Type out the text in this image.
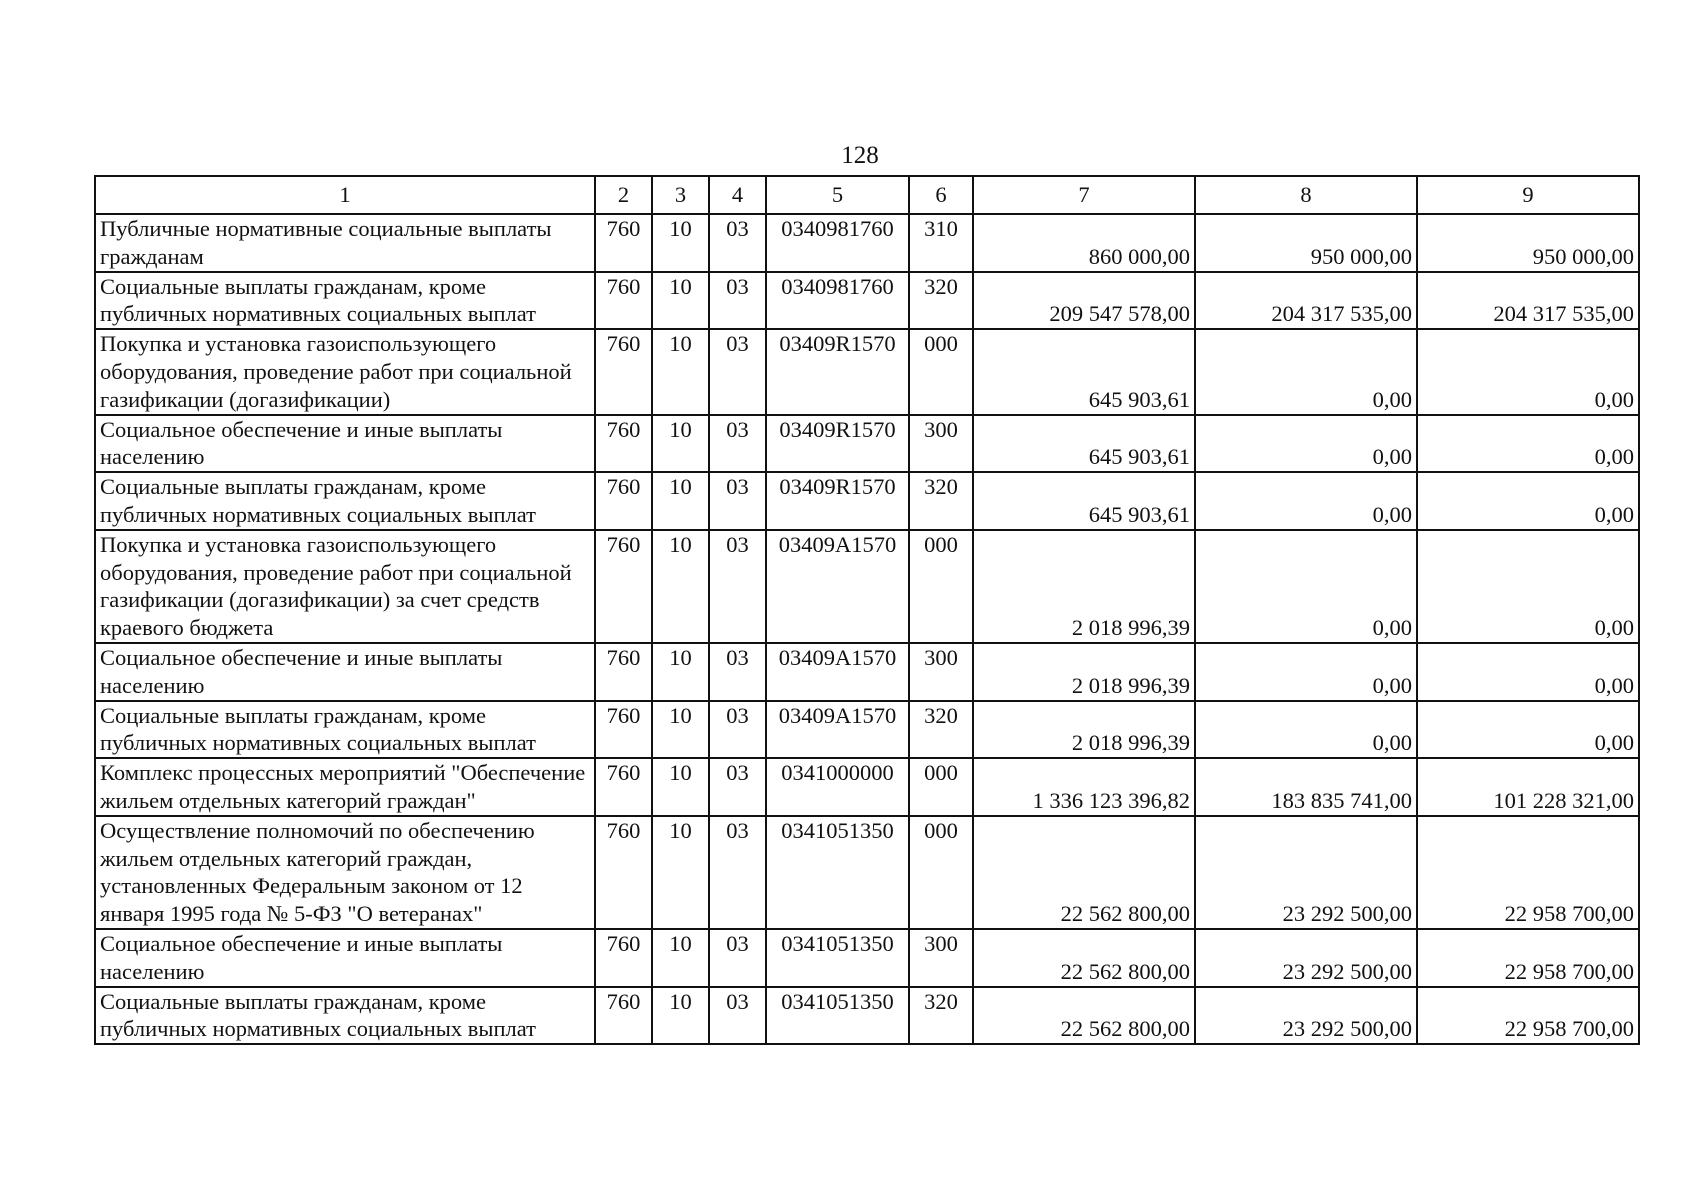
128
1	2	3	4	5	6	7	8	9
Публичные нормативные социальные выплаты гражданам	760	10	03	0340981760	310	860 000,00	950 000,00	950 000,00
Социальные выплаты гражданам, кроме публичных нормативных социальных выплат	760	10	03	0340981760	320	209 547 578,00	204 317 535,00	204 317 535,00
Покупка и установка газоиспользующего оборудования, проведение работ при социальной газификации (догазификации)	760	10	03	03409R1570	000	645 903,61	0,00	0,00
Социальное обеспечение и иные выплаты населению	760	10	03	03409R1570	300	645 903,61	0,00	0,00
Социальные выплаты гражданам, кроме публичных нормативных социальных выплат	760	10	03	03409R1570	320	645 903,61	0,00	0,00
Покупка и установка газоиспользующего оборудования, проведение работ при социальной газификации (догазификации) за счет средств краевого бюджета	760	10	03	03409A1570	000	2 018 996,39	0,00	0,00
Социальное обеспечение и иные выплаты населению	760	10	03	03409A1570	300	2 018 996,39	0,00	0,00
Социальные выплаты гражданам, кроме публичных нормативных социальных выплат	760	10	03	03409A1570	320	2 018 996,39	0,00	0,00
Комплекс процессных мероприятий "Обеспечение жильем отдельных категорий граждан"	760	10	03	0341000000	000	1 336 123 396,82	183 835 741,00	101 228 321,00
Осуществление полномочий по обеспечению жильем отдельных категорий граждан, установленных Федеральным законом от 12 января 1995 года № 5-ФЗ "О ветеранах"	760	10	03	0341051350	000	22 562 800,00	23 292 500,00	22 958 700,00
Социальное обеспечение и иные выплаты населению	760	10	03	0341051350	300	22 562 800,00	23 292 500,00	22 958 700,00
Социальные выплаты гражданам, кроме публичных нормативных социальных выплат	760	10	03	0341051350	320	22 562 800,00	23 292 500,00	22 958 700,00
